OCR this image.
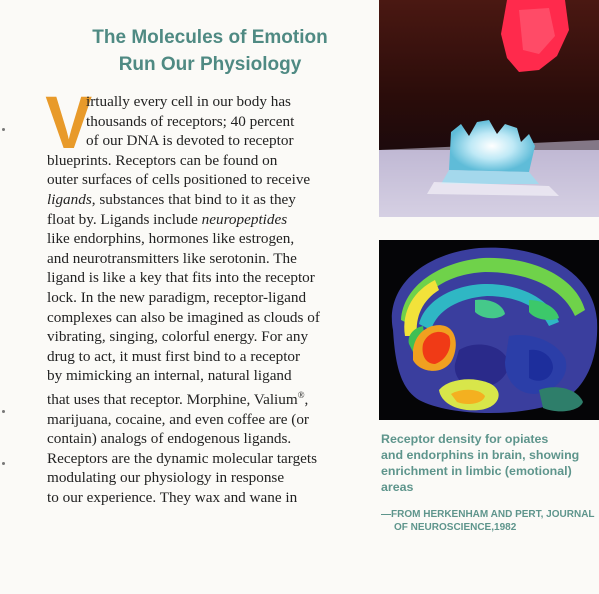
The Molecules of Emotion
Run Our Physiology
V
irtually every cell in our body has
thousands of receptors; 40 percent
of our DNA is devoted to receptor
blueprints. Receptors can be found on
outer surfaces of cells positioned to receive
ligands, substances that bind to it as they
float by. Ligands include neuropeptides
like endorphins, hormones like estrogen,
and neurotransmitters like serotonin. The
ligand is like a key that fits into the receptor
lock. In the new paradigm, receptor-ligand
complexes can also be imagined as clouds of
vibrating, singing, colorful energy. For any
drug to act, it must first bind to a receptor
by mimicking an internal, natural ligand
that uses that receptor. Morphine, Valium®,
marijuana, cocaine, and even coffee are (or
contain) analogs of endogenous ligands.
Receptors are the dynamic molecular targets
modulating our physiology in response
to our experience. They wax and wane in
Receptor density for opiates
and endorphins in brain, showing
enrichment in limbic (emotional)
areas
—FROM HERKENHAM AND PERT, JOURNAL
OF NEUROSCIENCE,1982
